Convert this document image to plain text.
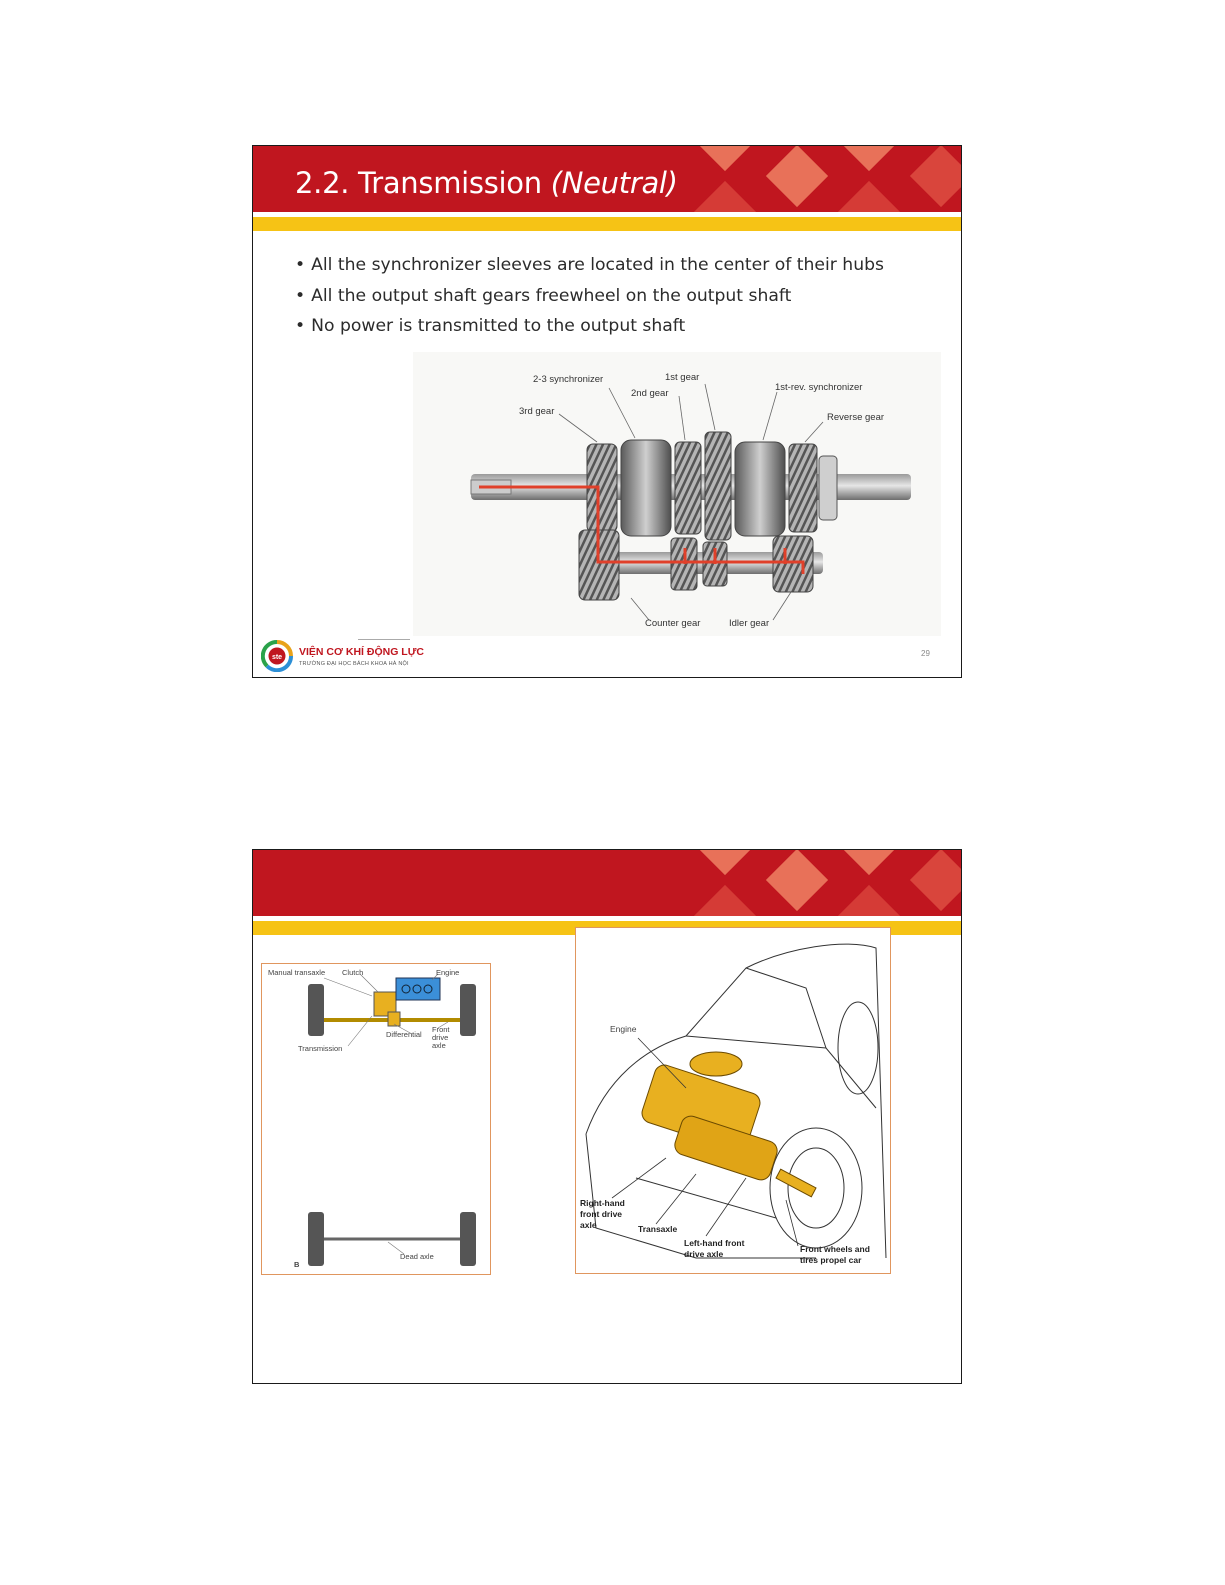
2.2. Transmission (Neutral)
• All the synchronizer sleeves are located in the center of their hubs
• All the output shaft gears freewheel on the output shaft
• No power is transmitted to the output shaft
2-3 synchronizer	1st gear
2nd gear
3rd gear
1st-rev. synchronizer
Reverse gear
Counter gear	Idler gear
ste VIỆN CƠ KHÍ ĐỘNG LỰC
TRƯỜNG ĐẠI HỌC BÁCH KHOA HÀ NỘI
29
Manual transaxle Clutch	Engine
Differential
Front drive axle
Transmission
Dead axle
B
Engine
Right-hand front drive axle	Transaxle
Left-hand front drive axle	Front wheels and tires propel car
